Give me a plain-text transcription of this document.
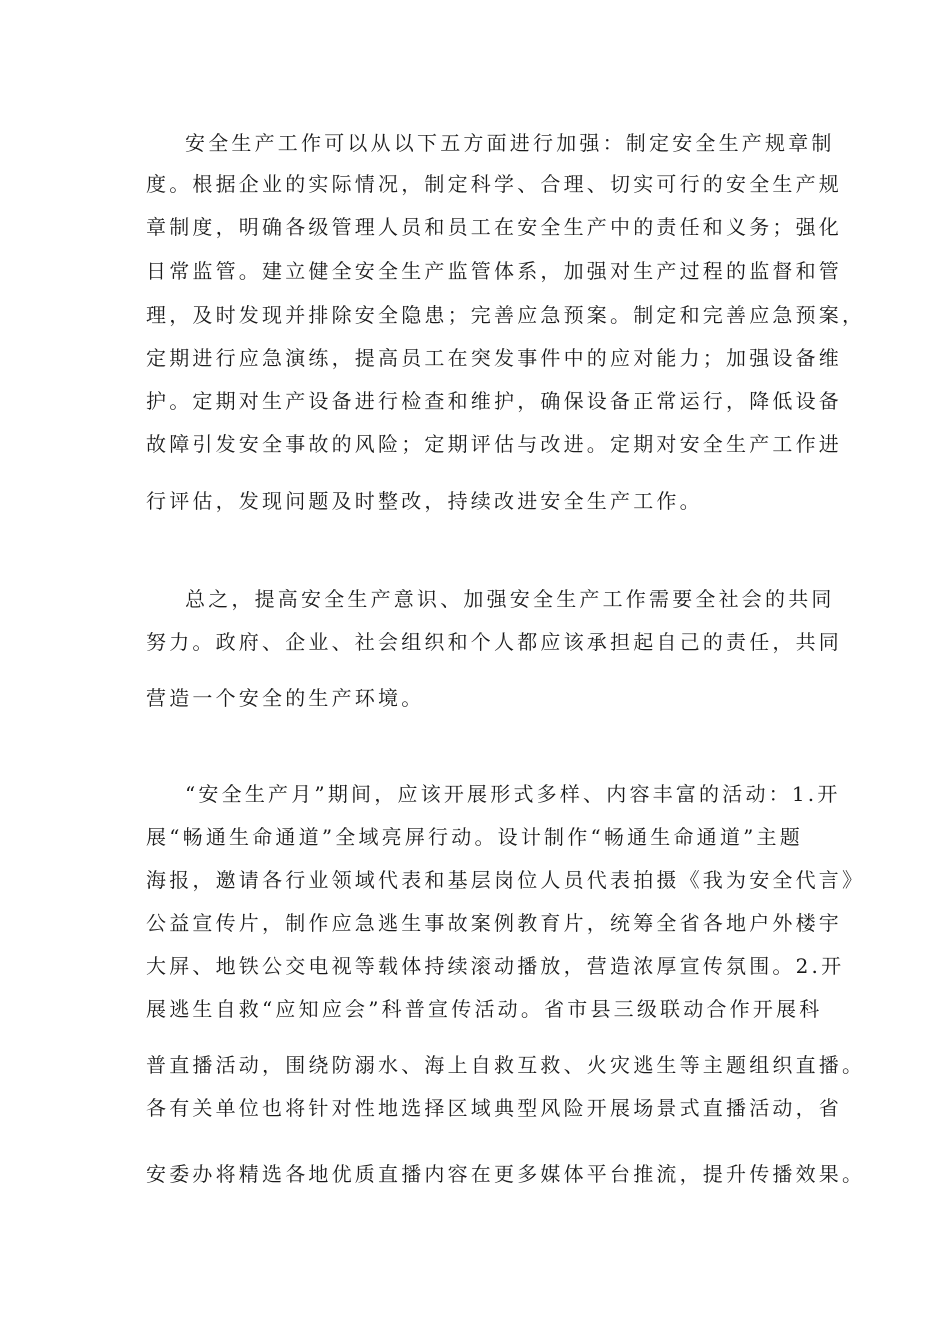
安全生产工作可以从以下五方面进行加强：制定安全生产规章制
度。根据企业的实际情况，制定科学、合理、切实可行的安全生产规
章制度，明确各级管理人员和员工在安全生产中的责任和义务；强化
日常监管。建立健全安全生产监管体系，加强对生产过程的监督和管
理，及时发现并排除安全隐患；完善应急预案。制定和完善应急预案，
定期进行应急演练，提高员工在突发事件中的应对能力；加强设备维
护。定期对生产设备进行检查和维护，确保设备正常运行，降低设备
故障引发安全事故的风险；定期评估与改进。定期对安全生产工作进
行评估，发现问题及时整改，持续改进安全生产工作。
总之，提高安全生产意识、加强安全生产工作需要全社会的共同
努力。政府、企业、社会组织和个人都应该承担起自己的责任，共同
营造一个安全的生产环境。
“安全生产月”期间，应该开展形式多样、内容丰富的活动：1.开
展“畅通生命通道”全域亮屏行动。设计制作“畅通生命通道”主题
海报，邀请各行业领域代表和基层岗位人员代表拍摄《我为安全代言》
公益宣传片，制作应急逃生事故案例教育片，统筹全省各地户外楼宇
大屏、地铁公交电视等载体持续滚动播放，营造浓厚宣传氛围。2.开
展逃生自救“应知应会”科普宣传活动。省市县三级联动合作开展科
普直播活动，围绕防溺水、海上自救互救、火灾逃生等主题组织直播。
各有关单位也将针对性地选择区域典型风险开展场景式直播活动，省
安委办将精选各地优质直播内容在更多媒体平台推流，提升传播效果。
